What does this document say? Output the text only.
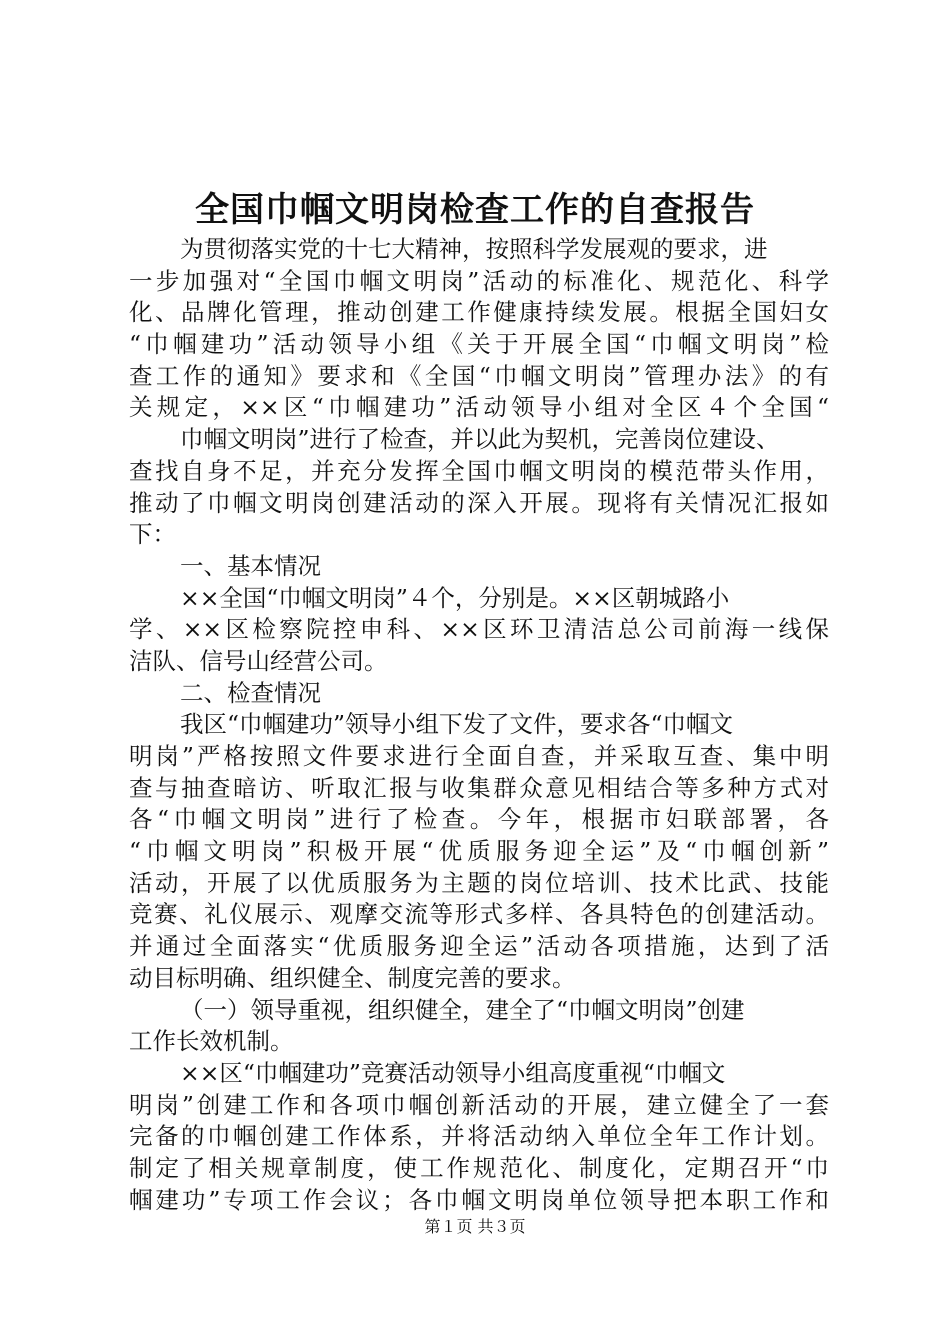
全国巾帼文明岗检查工作的自查报告

为贯彻落实党的十七大精神，按照科学发展观的要求，进

一步加强对“全国巾帼文明岗”活动的标准化、规范化、科学

化、品牌化管理，推动创建工作健康持续发展。根据全国妇女

“巾帼建功”活动领导小组《关于开展全国“巾帼文明岗”检

查工作的通知》要求和《全国“巾帼文明岗”管理办法》的有

关规定，××区“巾帼建功”活动领导小组对全区４个全国“

巾帼文明岗”进行了检查，并以此为契机，完善岗位建设、

查找自身不足，并充分发挥全国巾帼文明岗的模范带头作用，

推动了巾帼文明岗创建活动的深入开展。现将有关情况汇报如

下：

一、基本情况

××全国“巾帼文明岗”４个，分别是。××区朝城路小

学、××区检察院控申科、××区环卫清洁总公司前海一线保

洁队、信号山经营公司。

二、检查情况

我区“巾帼建功”领导小组下发了文件，要求各“巾帼文

明岗”严格按照文件要求进行全面自查，并采取互查、集中明

查与抽查暗访、听取汇报与收集群众意见相结合等多种方式对

各“巾帼文明岗”进行了检查。今年，根据市妇联部署，各

“巾帼文明岗”积极开展“优质服务迎全运”及“巾帼创新”

活动，开展了以优质服务为主题的岗位培训、技术比武、技能

竞赛、礼仪展示、观摩交流等形式多样、各具特色的创建活动。

并通过全面落实“优质服务迎全运”活动各项措施，达到了活

动目标明确、组织健全、制度完善的要求。

（一）领导重视，组织健全，建全了“巾帼文明岗”创建

工作长效机制。

××区“巾帼建功”竞赛活动领导小组高度重视“巾帼文

明岗”创建工作和各项巾帼创新活动的开展，建立健全了一套

完备的巾帼创建工作体系，并将活动纳入单位全年工作计划。

制定了相关规章制度，使工作规范化、制度化，定期召开“巾

帼建功”专项工作会议；各巾帼文明岗单位领导把本职工作和

第１页 共３页
